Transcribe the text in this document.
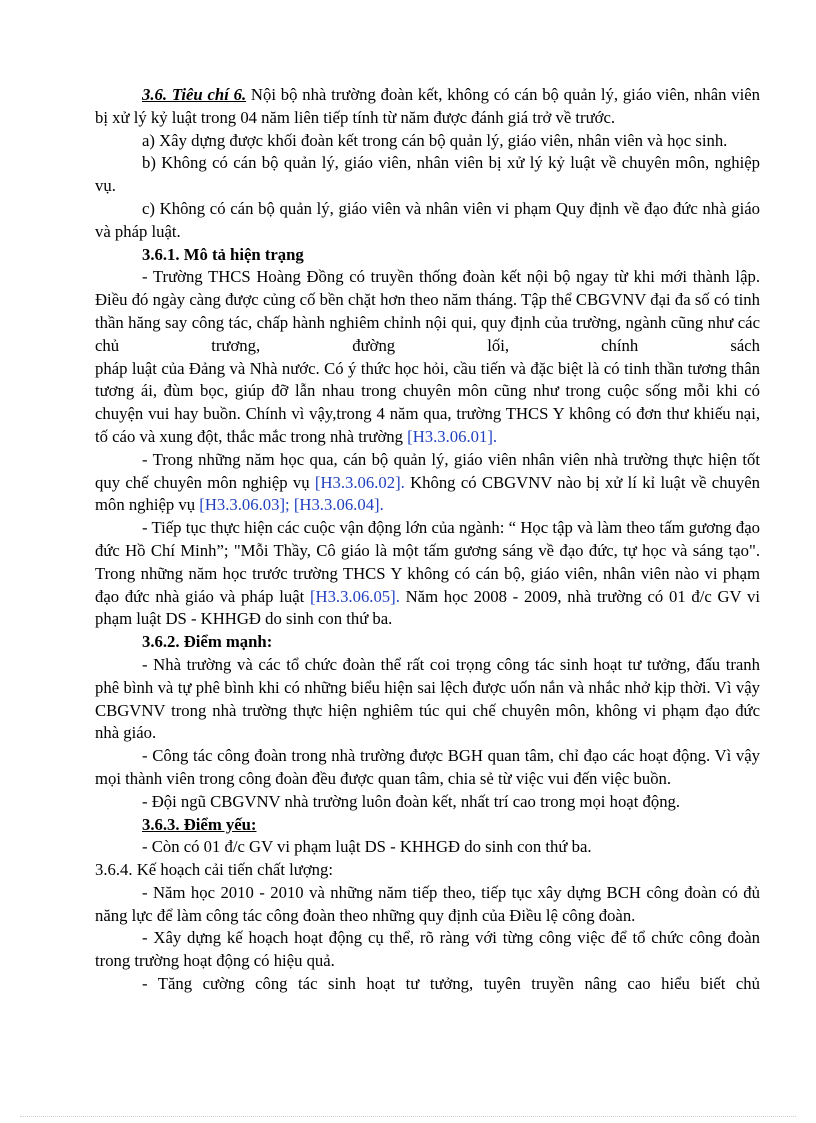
3.6. Tiêu chí 6. Nội bộ nhà trường đoàn kết, không có cán bộ quản lý, giáo viên, nhân viên bị xử lý kỷ luật trong 04 năm liên tiếp tính từ năm được đánh giá trở về trước.

a) Xây dựng được khối đoàn kết trong cán bộ quản lý, giáo viên, nhân viên và học sinh.

b) Không có cán bộ quản lý, giáo viên, nhân viên bị xử lý kỷ luật về chuyên môn, nghiệp vụ.

c) Không có cán bộ quản lý, giáo viên và nhân viên vi phạm Quy định về đạo đức nhà giáo và pháp luật.

3.6.1. Mô tả hiện trạng

- Trường THCS Hoàng Đồng có truyền thống đoàn kết nội bộ ngay từ khi mới thành lập. Điều đó ngày càng được củng cố bền chặt hơn theo năm tháng. Tập thể CBGVNV đại đa số có tinh thần hăng say công tác, chấp hành nghiêm chỉnh nội qui, quy định của trường, ngành cũng như các chủ trương, đường lối, chính sách

pháp luật của Đảng và Nhà nước. Có ý thức học hỏi, cầu tiến và đặc biệt là có tinh thần tương thân tương ái, đùm bọc, giúp đỡ lẫn nhau trong chuyên môn cũng như trong cuộc sống mỗi khi có chuyện vui hay buồn. Chính vì vậy,trong 4 năm qua, trường THCS Y không có đơn thư khiếu nại, tố cáo và xung đột, thắc mắc trong nhà trường [H3.3.06.01].

- Trong những năm học qua, cán bộ quản lý, giáo viên nhân viên nhà trường thực hiện tốt quy chế chuyên môn nghiệp vụ [H3.3.06.02]. Không có CBGVNV nào bị xử lí kỉ luật về chuyên môn nghiệp vụ [H3.3.06.03]; [H3.3.06.04].

- Tiếp tục thực hiện các cuộc vận động lớn của ngành: “ Học tập và làm theo tấm gương đạo đức Hồ Chí Minh”; "Mỗi Thầy, Cô giáo là một tấm gương sáng về đạo đức, tự học và sáng tạo". Trong những năm học trước trường THCS Y không có cán bộ, giáo viên, nhân viên nào vi phạm đạo đức nhà giáo và pháp luật [H3.3.06.05]. Năm học 2008 - 2009, nhà trường có 01 đ/c GV vi phạm luật DS - KHHGĐ do sinh con thứ ba.

3.6.2. Điểm mạnh:

- Nhà trường và các tổ chức đoàn thể rất coi trọng công tác sinh hoạt tư tưởng, đấu tranh phê bình và tự phê bình khi có những biểu hiện sai lệch được uốn nắn và nhắc nhở kịp thời. Vì vậy CBGVNV trong nhà trường thực hiện nghiêm túc qui chế chuyên môn, không vi phạm đạo đức nhà giáo.

- Công tác công đoàn trong nhà trường được BGH quan tâm, chỉ đạo các hoạt động. Vì vậy mọi thành viên trong công đoàn đều được quan tâm, chia sẻ từ việc vui đến việc buồn.

- Đội ngũ CBGVNV nhà trường luôn đoàn kết, nhất trí cao trong mọi hoạt động.

3.6.3. Điểm yếu:

- Còn có 01 đ/c GV vi phạm luật DS - KHHGĐ do sinh con thứ ba.

3.6.4. Kế hoạch cải tiến chất lượng:

- Năm học 2010 - 2010 và những năm tiếp theo, tiếp tục xây dựng BCH công đoàn có đủ năng lực để làm công tác công đoàn theo những quy định của Điều lệ công đoàn.

- Xây dựng kế hoạch hoạt động cụ thể, rõ ràng với từng công việc để tổ chức công đoàn trong trường hoạt động có hiệu quả.

- Tăng cường công tác sinh hoạt tư tưởng, tuyên truyền nâng cao hiểu biết chủ
